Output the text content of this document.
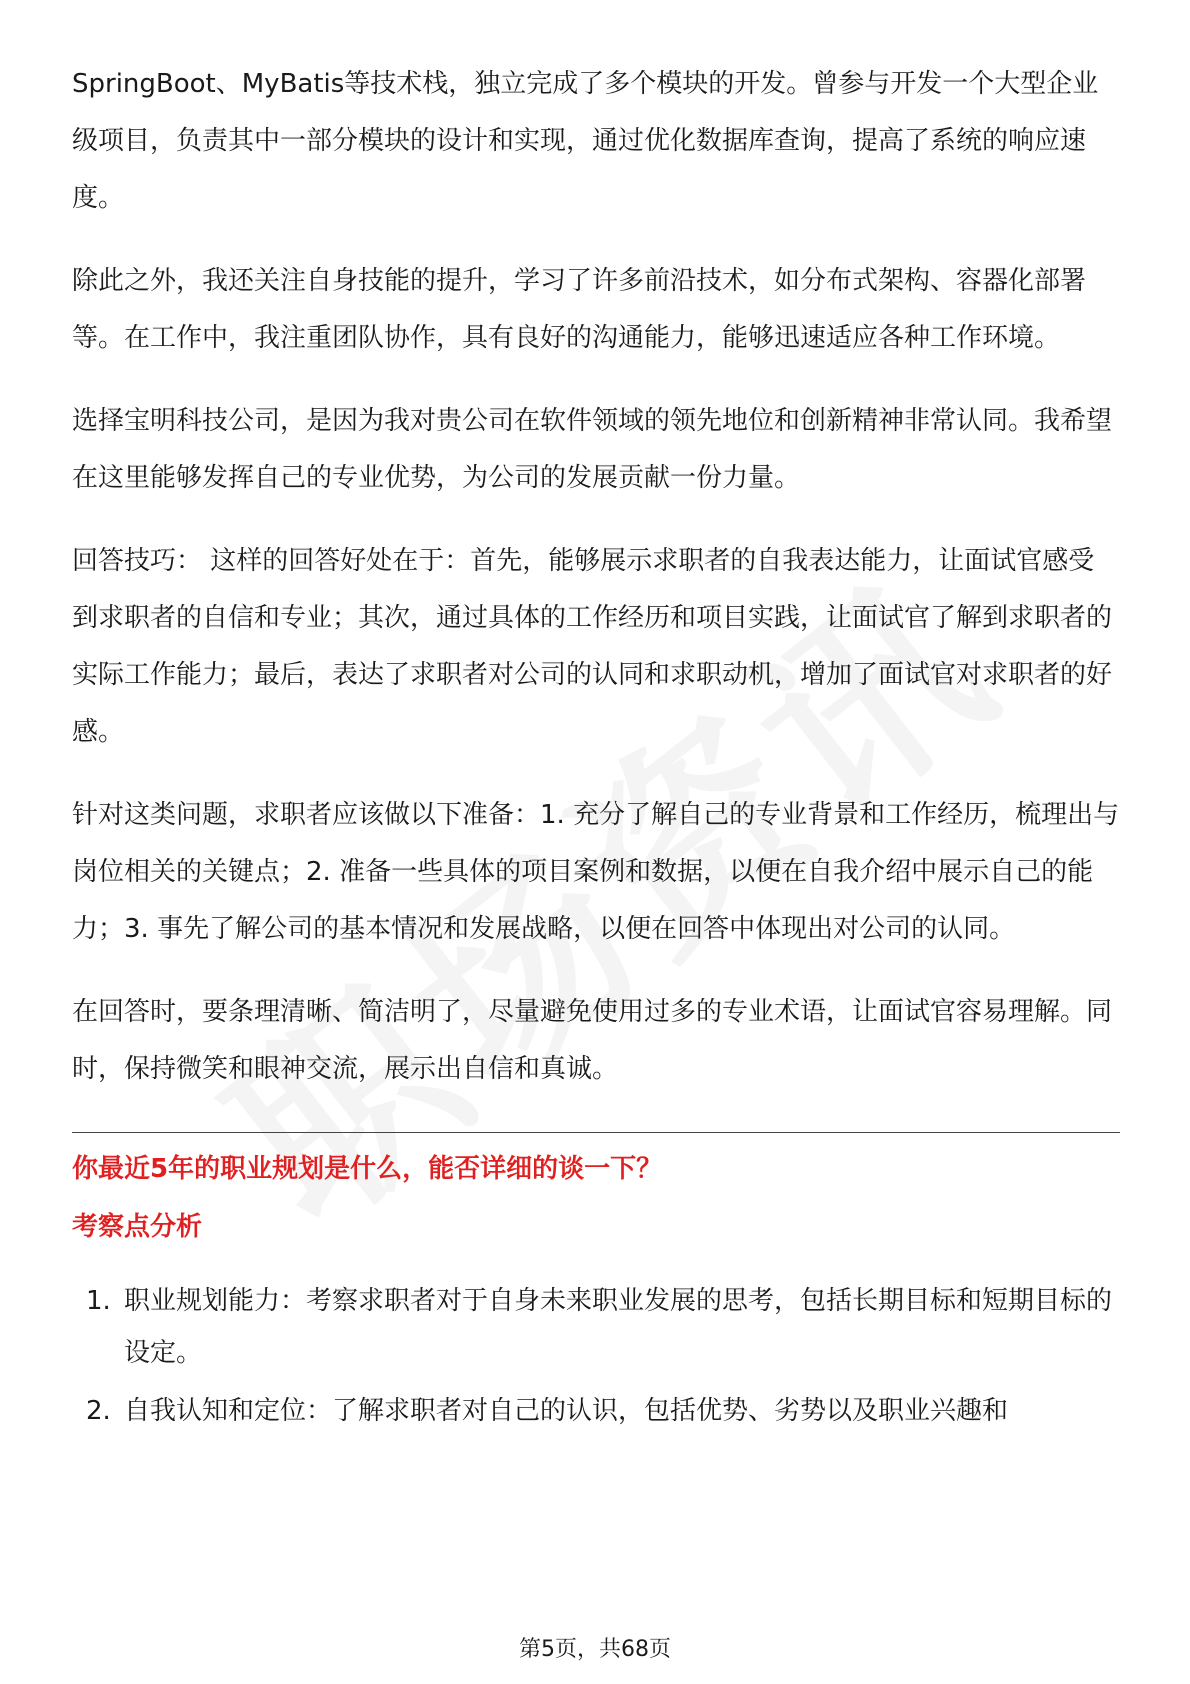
SpringBoot、MyBatis等技术栈，独立完成了多个模块的开发。曾参与开发一个大型企业级项目，负责其中一部分模块的设计和实现，通过优化数据库查询，提高了系统的响应速度。

除此之外，我还关注自身技能的提升，学习了许多前沿技术，如分布式架构、容器化部署等。在工作中，我注重团队协作，具有良好的沟通能力，能够迅速适应各种工作环境。

选择宝明科技公司，是因为我对贵公司在软件领域的领先地位和创新精神非常认同。我希望在这里能够发挥自己的专业优势，为公司的发展贡献一份力量。

回答技巧： 这样的回答好处在于：首先，能够展示求职者的自我表达能力，让面试官感受到求职者的自信和专业；其次，通过具体的工作经历和项目实践，让面试官了解到求职者的实际工作能力；最后，表达了求职者对公司的认同和求职动机，增加了面试官对求职者的好感。

针对这类问题，求职者应该做以下准备：1. 充分了解自己的专业背景和工作经历，梳理出与岗位相关的关键点；2. 准备一些具体的项目案例和数据，以便在自我介绍中展示自己的能力；3. 事先了解公司的基本情况和发展战略，以便在回答中体现出对公司的认同。

在回答时，要条理清晰、简洁明了，尽量避免使用过多的专业术语，让面试官容易理解。同时，保持微笑和眼神交流，展示出自信和真诚。

你最近5年的职业规划是什么，能否详细的谈一下？
考察点分析
1. 职业规划能力：考察求职者对于自身未来职业发展的思考，包括长期目标和短期目标的设定。
2. 自我认知和定位：了解求职者对自己的认识，包括优势、劣势以及职业兴趣和
第5页，共68页
